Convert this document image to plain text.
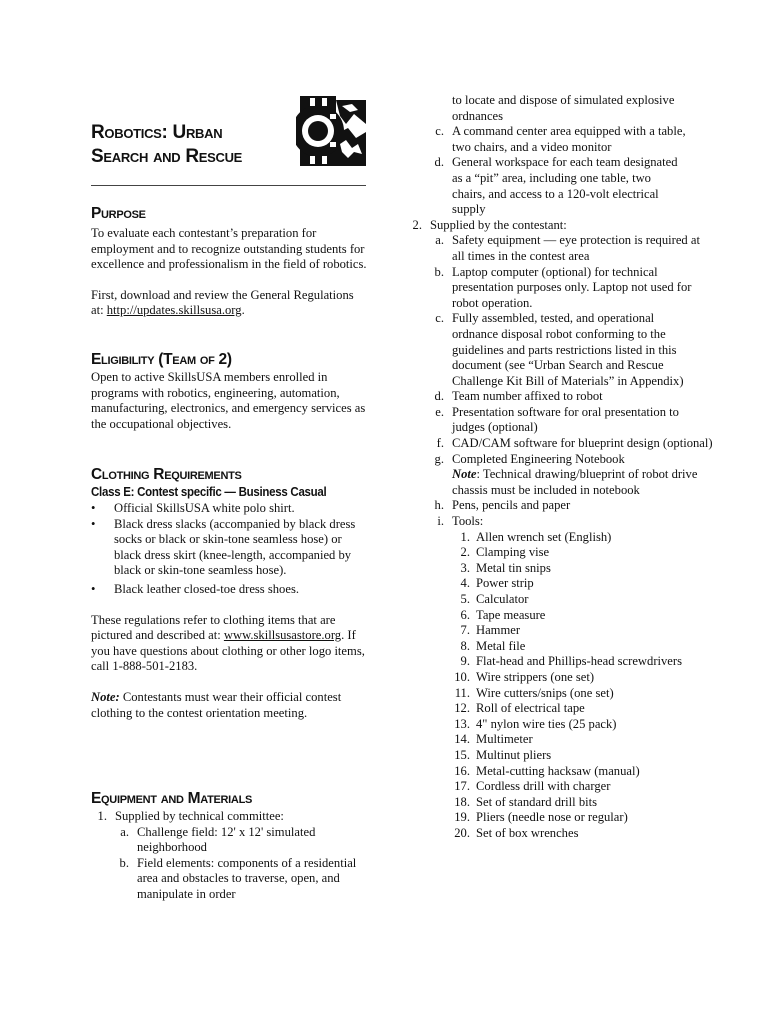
Robotics: Urban
Search and Rescue
Purpose

To evaluate each contestant’s preparation for employment and to recognize outstanding students for excellence and professionalism in the field of robotics.

First, download and review the General Regulations at: http://updates.skillsusa.org.

Eligibility (Team of 2)

Open to active SkillsUSA members enrolled in programs with robotics, engineering, automation, manufacturing, electronics, and emergency services as the occupational objectives.

Clothing Requirements
Class E: Contest specific — Business Casual
• Official SkillsUSA white polo shirt.
• Black dress slacks (accompanied by black dress socks or black or skin-tone seamless hose) or black dress skirt (knee-length, accompanied by black or skin-tone seamless hose).
• Black leather closed-toe dress shoes.

These regulations refer to clothing items that are pictured and described at: www.skillsusastore.org. If you have questions about clothing or other logo items, call 1-888-501-2183.

Note: Contestants must wear their official contest clothing to the contest orientation meeting.

Equipment and Materials
1. Supplied by technical committee:
a. Challenge field: 12' x 12' simulated neighborhood
b. Field elements: components of a residential area and obstacles to traverse, open, and manipulate in order
to locate and dispose of simulated explosive ordnances
c. A command center area equipped with a table, two chairs, and a video monitor
d. General workspace for each team designated as a “pit” area, including one table, two chairs, and access to a 120-volt electrical supply
2. Supplied by the contestant:
a. Safety equipment — eye protection is required at all times in the contest area
b. Laptop computer (optional) for technical presentation purposes only. Laptop not used for robot operation.
c. Fully assembled, tested, and operational ordnance disposal robot conforming to the guidelines and parts restrictions listed in this document (see “Urban Search and Rescue Challenge Kit Bill of Materials” in Appendix)
d. Team number affixed to robot
e. Presentation software for oral presentation to judges (optional)
f. CAD/CAM software for blueprint design (optional)
g. Completed Engineering Notebook
Note: Technical drawing/blueprint of robot drive chassis must be included in notebook
h. Pens, pencils and paper
i. Tools:
1. Allen wrench set (English)
2. Clamping vise
3. Metal tin snips
4. Power strip
5. Calculator
6. Tape measure
7. Hammer
8. Metal file
9. Flat-head and Phillips-head screwdrivers
10. Wire strippers (one set)
11. Wire cutters/snips (one set)
12. Roll of electrical tape
13. 4" nylon wire ties (25 pack)
14. Multimeter
15. Multinut pliers
16. Metal-cutting hacksaw (manual)
17. Cordless drill with charger
18. Set of standard drill bits
19. Pliers (needle nose or regular)
20. Set of box wrenches
